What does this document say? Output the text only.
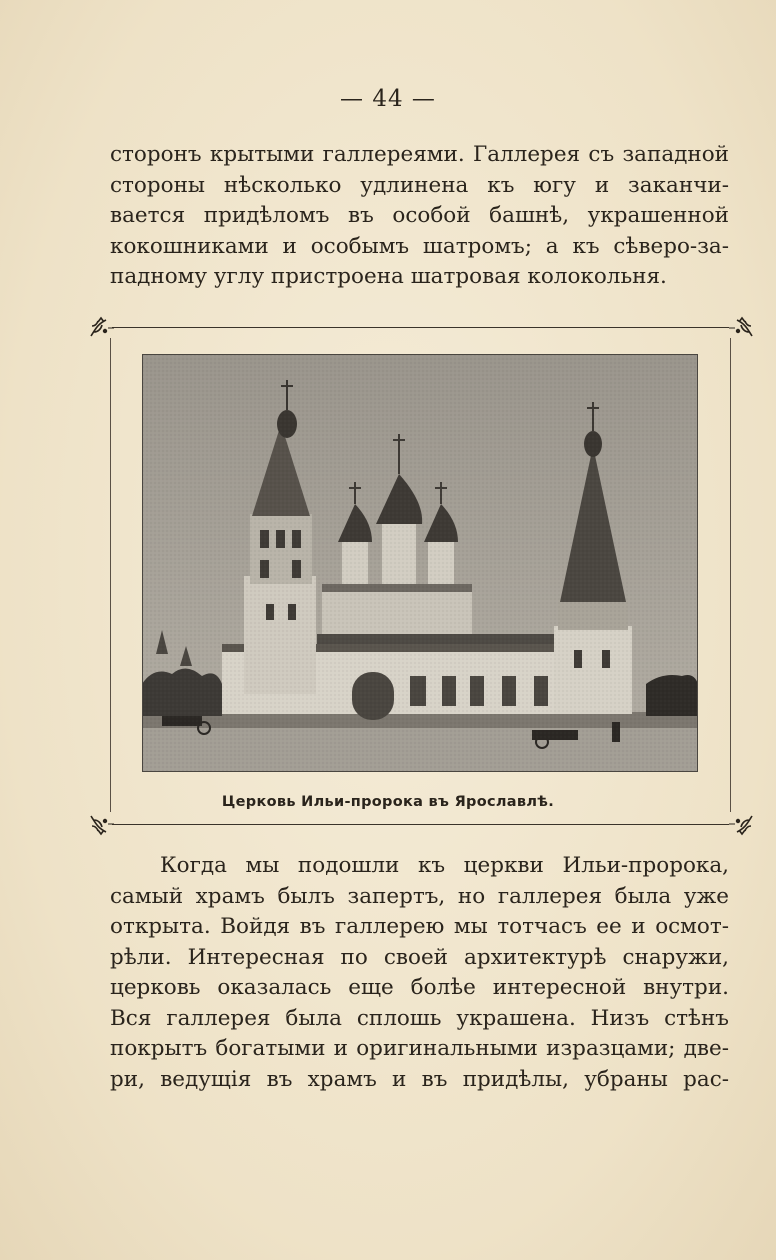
— 44 —
сторонъ крытыми галлереями. Галлерея съ западной
стороны нѣсколько удлинена къ югу и заканчи-
вается придѣломъ въ особой башнѣ, украшенной
кокошниками и особымъ шатромъ; а къ сѣверо-за-
падному углу пристроена шатровая колокольня.
Церковь Ильи-пророка въ Ярославлѣ.
Когда мы подошли къ церкви Ильи-пророка,
самый храмъ былъ запертъ, но галлерея была уже
открыта. Войдя въ галлерею мы тотчасъ ее и осмот-
рѣли. Интересная по своей архитектурѣ снаружи,
церковь оказалась еще болѣе интересной внутри.
Вся галлерея была сплошь украшена. Низъ стѣнъ
покрытъ богатыми и оригинальными изразцами; две-
ри, ведущія въ храмъ и въ придѣлы, убраны рас-
